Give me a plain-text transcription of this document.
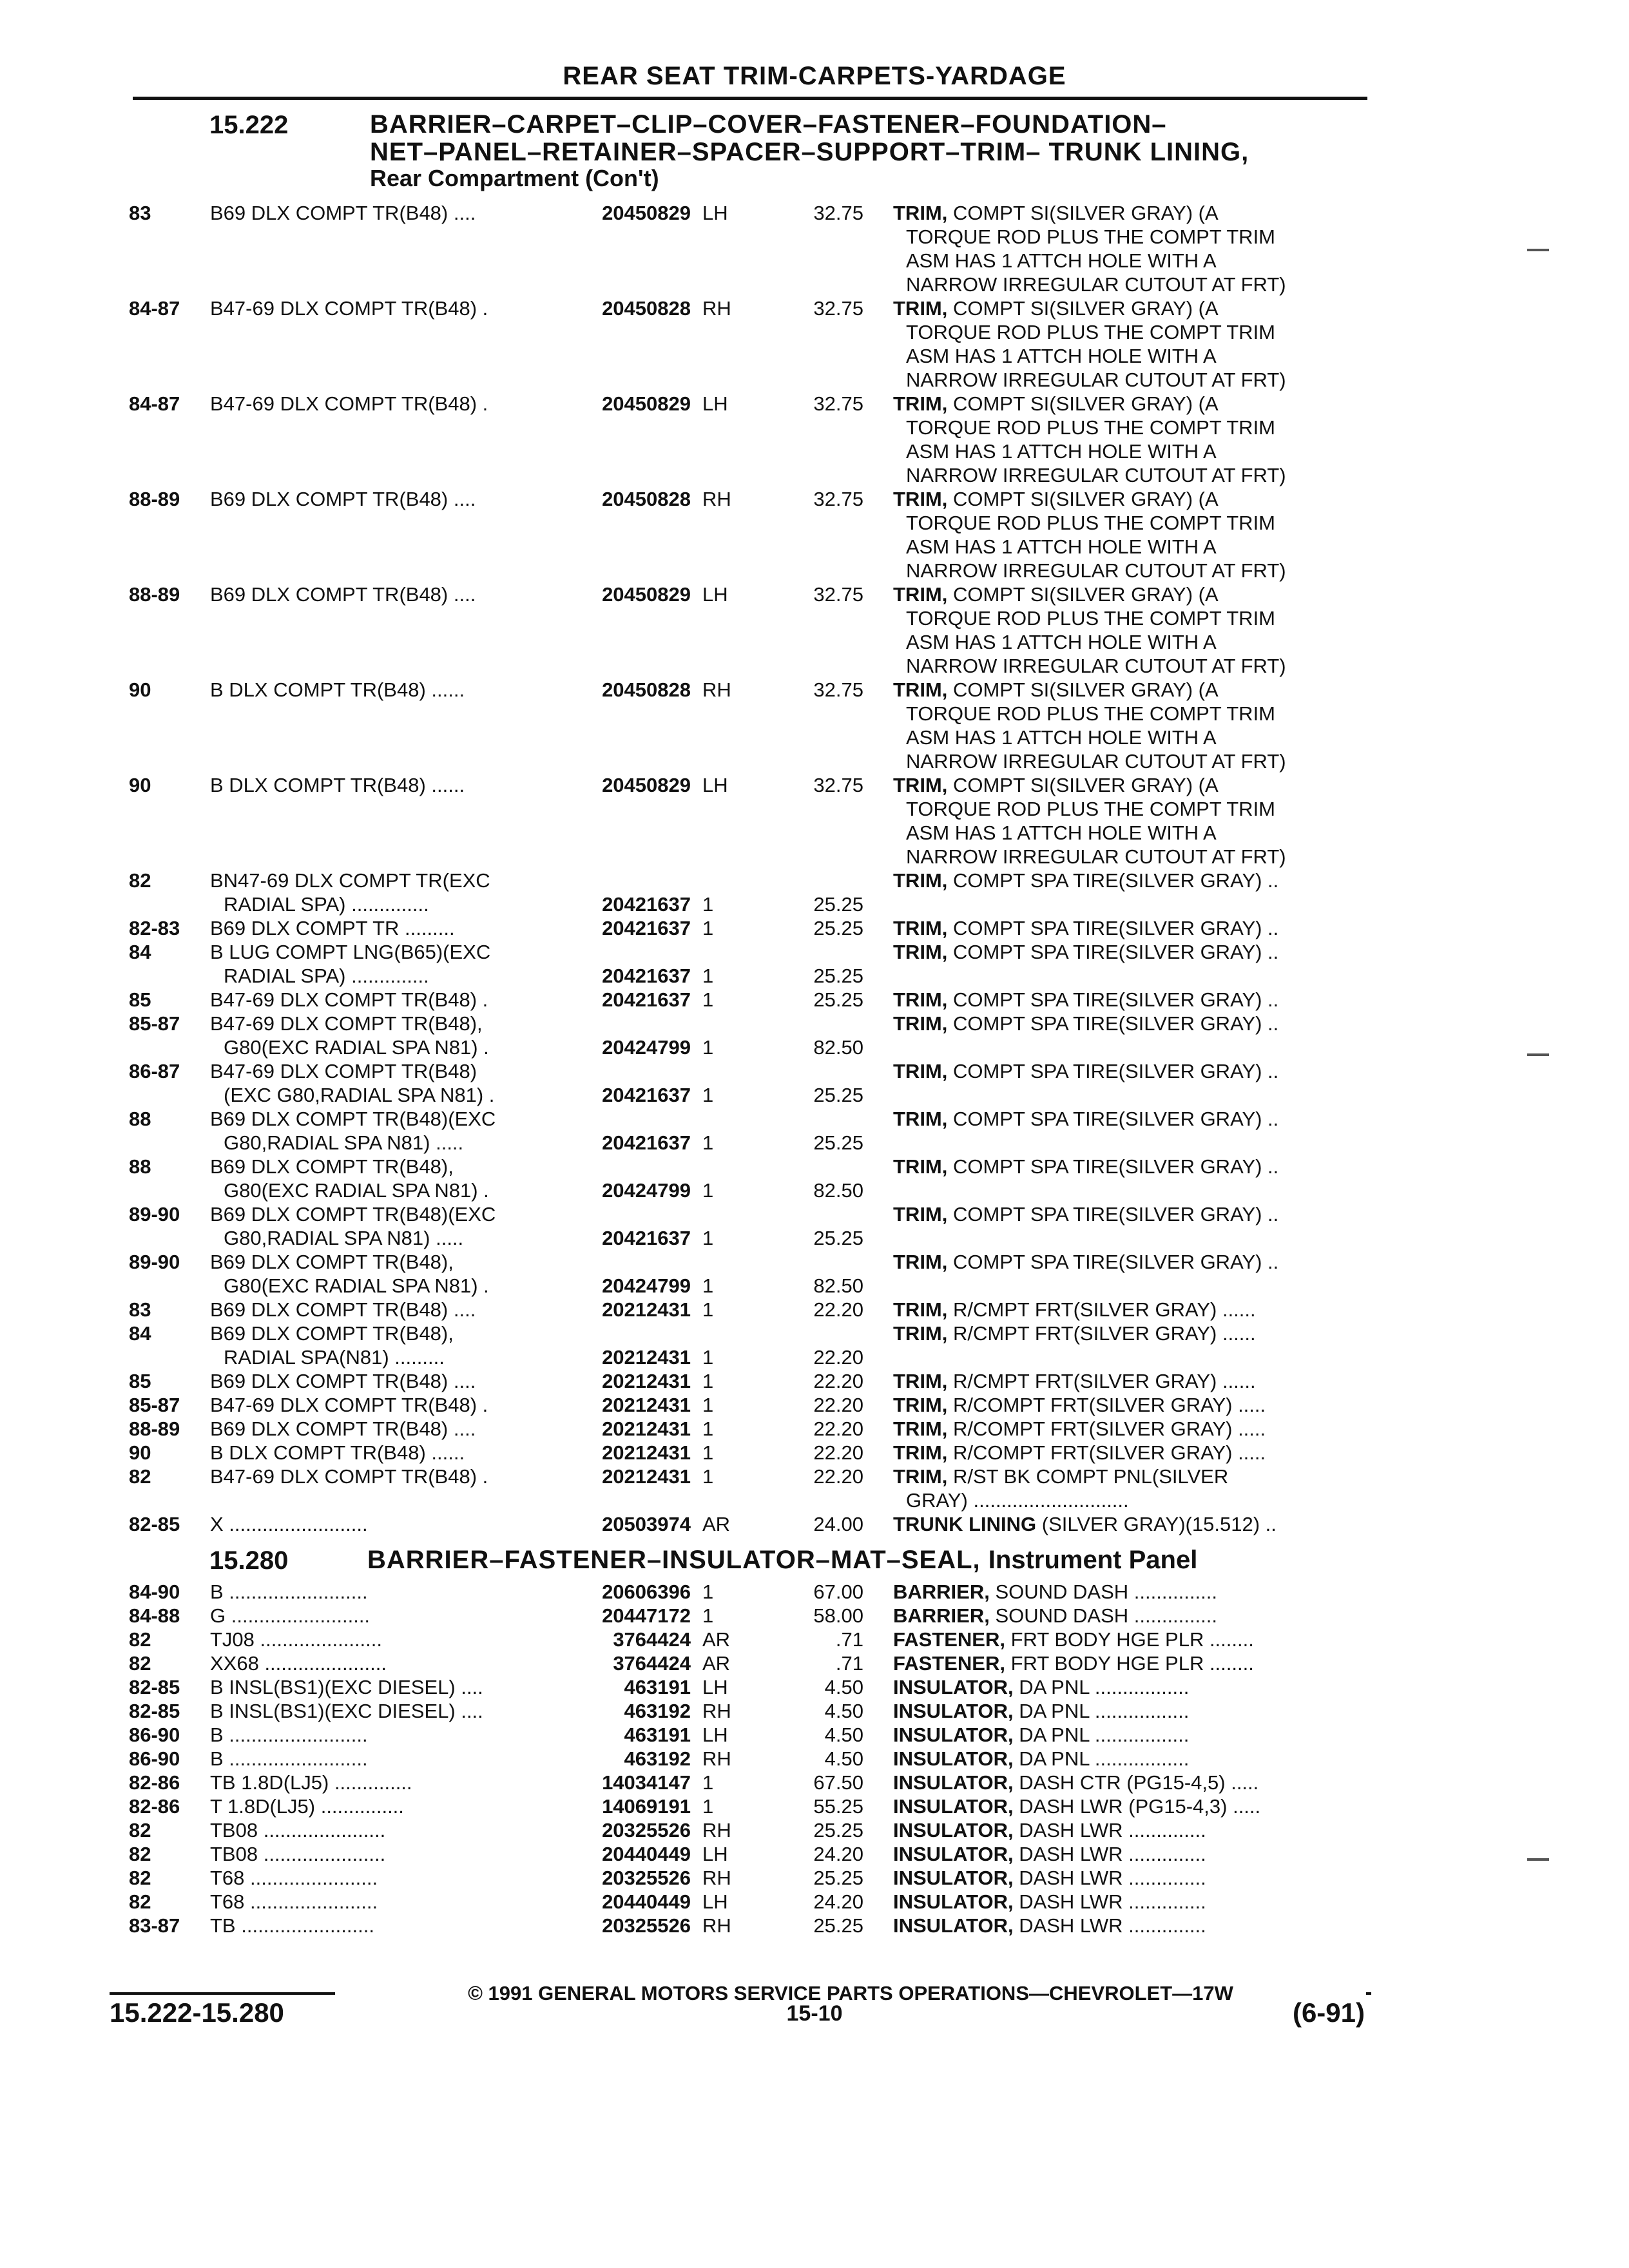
REAR SEAT TRIM-CARPETS-YARDAGE
15.222	BARRIER–CARPET–CLIP–COVER–FASTENER–FOUNDATION–
NET–PANEL–RETAINER–SPACER–SUPPORT–TRIM– TRUNK LINING,
Rear Compartment (Con't)
83	B69 DLX COMPT TR(B48) ....	20450829 LH	32.75 TRIM, COMPT SI(SILVER GRAY) (A
TORQUE ROD PLUS THE COMPT TRIM
ASM HAS 1 ATTCH HOLE WITH A
NARROW IRREGULAR CUTOUT AT FRT)
84-87 B47-69 DLX COMPT TR(B48) .	20450828 RH	32.75 TRIM, COMPT SI(SILVER GRAY) (A
TORQUE ROD PLUS THE COMPT TRIM
ASM HAS 1 ATTCH HOLE WITH A
NARROW IRREGULAR CUTOUT AT FRT)
84-87 B47-69 DLX COMPT TR(B48) .	20450829 LH	32.75 TRIM, COMPT SI(SILVER GRAY) (A
TORQUE ROD PLUS THE COMPT TRIM
ASM HAS 1 ATTCH HOLE WITH A
NARROW IRREGULAR CUTOUT AT FRT)
88-89 B69 DLX COMPT TR(B48) ....	20450828 RH	32.75 TRIM, COMPT SI(SILVER GRAY) (A
TORQUE ROD PLUS THE COMPT TRIM
ASM HAS 1 ATTCH HOLE WITH A
NARROW IRREGULAR CUTOUT AT FRT)
88-89 B69 DLX COMPT TR(B48) ....	20450829 LH	32.75 TRIM, COMPT SI(SILVER GRAY) (A
TORQUE ROD PLUS THE COMPT TRIM
ASM HAS 1 ATTCH HOLE WITH A
NARROW IRREGULAR CUTOUT AT FRT)
90	B DLX COMPT TR(B48) ......	20450828 RH	32.75 TRIM, COMPT SI(SILVER GRAY) (A
TORQUE ROD PLUS THE COMPT TRIM
ASM HAS 1 ATTCH HOLE WITH A
NARROW IRREGULAR CUTOUT AT FRT)
90	B DLX COMPT TR(B48) ......	20450829 LH	32.75 TRIM, COMPT SI(SILVER GRAY) (A
TORQUE ROD PLUS THE COMPT TRIM
ASM HAS 1 ATTCH HOLE WITH A
NARROW IRREGULAR CUTOUT AT FRT)
82	BN47-69 DLX COMPT TR(EXC	TRIM, COMPT SPA TIRE(SILVER GRAY) ..
RADIAL SPA) ..............	20421637 1	25.25
82-83 B69 DLX COMPT TR .........	20421637 1	25.25 TRIM, COMPT SPA TIRE(SILVER GRAY) ..
84	B LUG COMPT LNG(B65)(EXC	TRIM, COMPT SPA TIRE(SILVER GRAY) ..
RADIAL SPA) ..............	20421637 1	25.25
85	B47-69 DLX COMPT TR(B48) .	20421637 1	25.25 TRIM, COMPT SPA TIRE(SILVER GRAY) ..
85-87 B47-69 DLX COMPT TR(B48),	TRIM, COMPT SPA TIRE(SILVER GRAY) ..
G80(EXC RADIAL SPA N81) .	20424799 1	82.50
86-87 B47-69 DLX COMPT TR(B48)	TRIM, COMPT SPA TIRE(SILVER GRAY) ..
(EXC G80,RADIAL SPA N81) .	20421637 1	25.25
88	B69 DLX COMPT TR(B48)(EXC	TRIM, COMPT SPA TIRE(SILVER GRAY) ..
G80,RADIAL SPA N81) .....	20421637 1	25.25
88	B69 DLX COMPT TR(B48),	TRIM, COMPT SPA TIRE(SILVER GRAY) ..
G80(EXC RADIAL SPA N81) .	20424799 1	82.50
89-90 B69 DLX COMPT TR(B48)(EXC	TRIM, COMPT SPA TIRE(SILVER GRAY) ..
G80,RADIAL SPA N81) .....	20421637 1	25.25
89-90 B69 DLX COMPT TR(B48),	TRIM, COMPT SPA TIRE(SILVER GRAY) ..
G80(EXC RADIAL SPA N81) .	20424799 1	82.50
83	B69 DLX COMPT TR(B48) ....	20212431 1	22.20 TRIM, R/CMPT FRT(SILVER GRAY) ......
84	B69 DLX COMPT TR(B48),	TRIM, R/CMPT FRT(SILVER GRAY) ......
RADIAL SPA(N81) .........	20212431 1	22.20
85	B69 DLX COMPT TR(B48) ....	20212431 1	22.20 TRIM, R/CMPT FRT(SILVER GRAY) ......
85-87 B47-69 DLX COMPT TR(B48) .	20212431 1	22.20 TRIM, R/COMPT FRT(SILVER GRAY) .....
88-89 B69 DLX COMPT TR(B48) ....	20212431 1	22.20 TRIM, R/COMPT FRT(SILVER GRAY) .....
90	B DLX COMPT TR(B48) ......	20212431 1	22.20 TRIM, R/COMPT FRT(SILVER GRAY) .....
82	B47-69 DLX COMPT TR(B48) .	20212431 1	22.20 TRIM, R/ST BK COMPT PNL(SILVER
GRAY) ............................
82-85 X .........................	20503974 AR	24.00 TRUNK LINING (SILVER GRAY)(15.512) ..
84-90 B .........................	20606396 1	67.00 BARRIER, SOUND DASH ...............
84-88 G .........................	20447172 1	58.00 BARRIER, SOUND DASH ...............
82	TJ08 ......................	3764424 AR	.71 FASTENER, FRT BODY HGE PLR ........
82	XX68 ......................	3764424 AR	.71 FASTENER, FRT BODY HGE PLR ........
82-85 B INSL(BS1)(EXC DIESEL) ....	463191 LH	4.50 INSULATOR, DA PNL .................
82-85 B INSL(BS1)(EXC DIESEL) ....	463192 RH	4.50 INSULATOR, DA PNL .................
86-90 B .........................	463191 LH	4.50 INSULATOR, DA PNL .................
86-90 B .........................	463192 RH	4.50 INSULATOR, DA PNL .................
82-86 TB 1.8D(LJ5) ..............	14034147 1	67.50 INSULATOR, DASH CTR (PG15-4,5) .....
82-86 T 1.8D(LJ5) ...............	14069191 1	55.25 INSULATOR, DASH LWR (PG15-4,3) .....
82	TB08 ......................	20325526 RH	25.25 INSULATOR, DASH LWR ..............
82	TB08 ......................	20440449 LH	24.20 INSULATOR, DASH LWR ..............
82	T68 .......................	20325526 RH	25.25 INSULATOR, DASH LWR ..............
82	T68 .......................	20440449 LH	24.20 INSULATOR, DASH LWR ..............
83-87 TB ........................	20325526 RH	25.25 INSULATOR, DASH LWR ..............
15.280	BARRIER–FASTENER–INSULATOR–MAT–SEAL, Instrument Panel
© 1991 GENERAL MOTORS SERVICE PARTS OPERATIONS—CHEVROLET—17W
15.222-15.280	15-10	(6-91)
